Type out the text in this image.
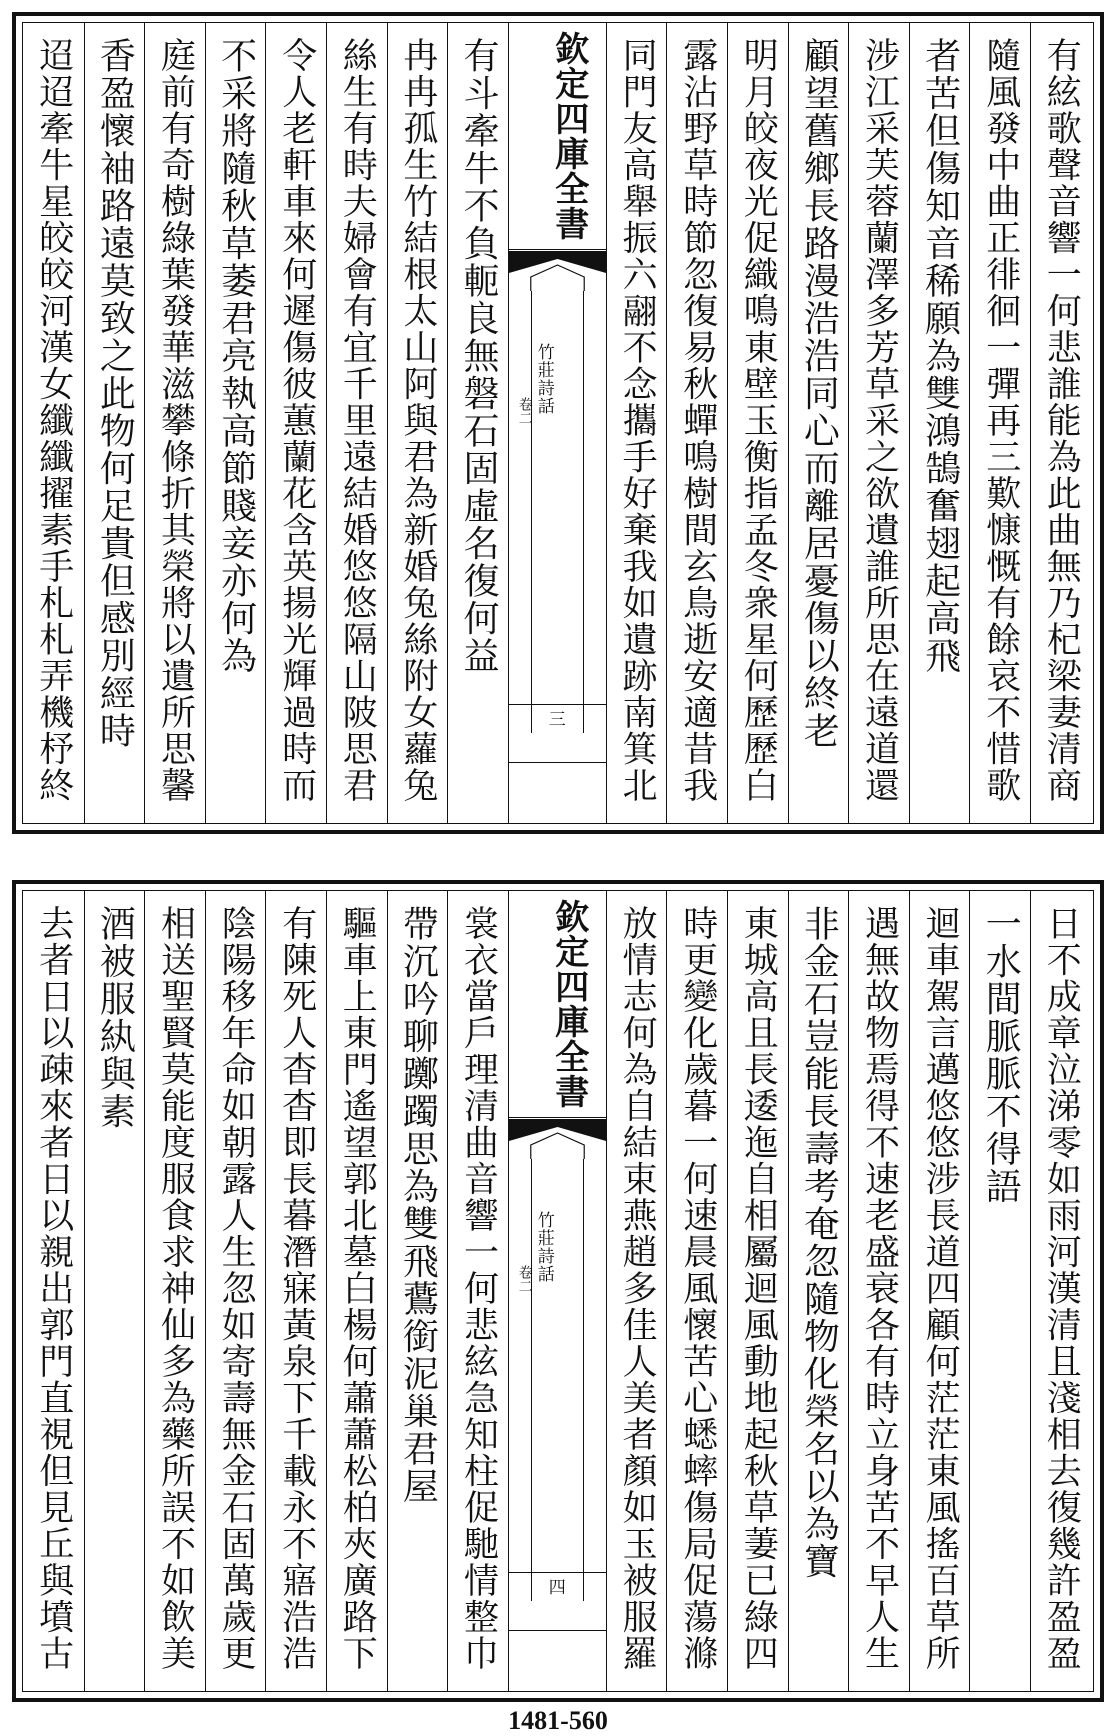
迢迢牽牛星皎皎河漢女纖纖擢素手札札弄機杼終 香盈懷袖路遠莫致之此物何足貴但感別經時 庭前有奇樹綠葉發華滋攀條折其榮將以遺所思馨 不采將隨秋草萎君亮執高節賤妾亦何為 令人老軒車來何遲傷彼蕙蘭花含英揚光輝過時而 絲生有時夫婦會有宜千里遠結婚悠悠隔山陂思君 冉冉孤生竹結根太山阿與君為新婚兔絲附女蘿兔 有斗牽牛不負軛良無磐石固虛名復何益	欽定四庫全書
竹莊詩話
卷二
三	同門友高舉振六翮不念攜手好棄我如遺跡南箕北 露沾野草時節忽復易秋蟬鳴樹間玄鳥逝安適昔我 明月皎夜光促織鳴東壁玉衡指孟冬衆星何歷歷白 顧望舊鄉長路漫浩浩同心而離居憂傷以終老 涉江采芙蓉蘭澤多芳草采之欲遺誰所思在遠道還 者苦但傷知音稀願為雙鴻鵠奮翅起高飛 隨風發中曲正徘徊一彈再三歎慷慨有餘哀不惜歌 有絃歌聲音響一何悲誰能為此曲無乃杞梁妻清商
去者日以疎來者日以親出郭門直視但見丘與墳古 酒被服紈與素 相送聖賢莫能度服食求神仙多為藥所誤不如飲美 陰陽移年命如朝露人生忽如寄壽無金石固萬歲更 有陳死人杳杳即長暮潛寐黃泉下千載永不寤浩浩 驅車上東門遙望郭北墓白楊何蕭蕭松柏夾廣路下 帶沉吟聊躑躅思為雙飛鷰銜泥巢君屋 裳衣當戶理清曲音響一何悲絃急知柱促馳情整巾	欽定四庫全書
竹莊詩話
卷二
四	放情志何為自結束燕趙多佳人美者顏如玉被服羅 時更變化歲暮一何速晨風懷苦心蟋蟀傷局促蕩滌 東城高且長逶迤自相屬迴風動地起秋草萋已綠四 非金石豈能長壽考奄忽隨物化榮名以為寶 遇無故物焉得不速老盛衰各有時立身苦不早人生 迴車駕言邁悠悠涉長道四顧何茫茫東風搖百草所 一水間脈脈不得語 日不成章泣涕零如雨河漢清且淺相去復幾許盈盈
1481-560
